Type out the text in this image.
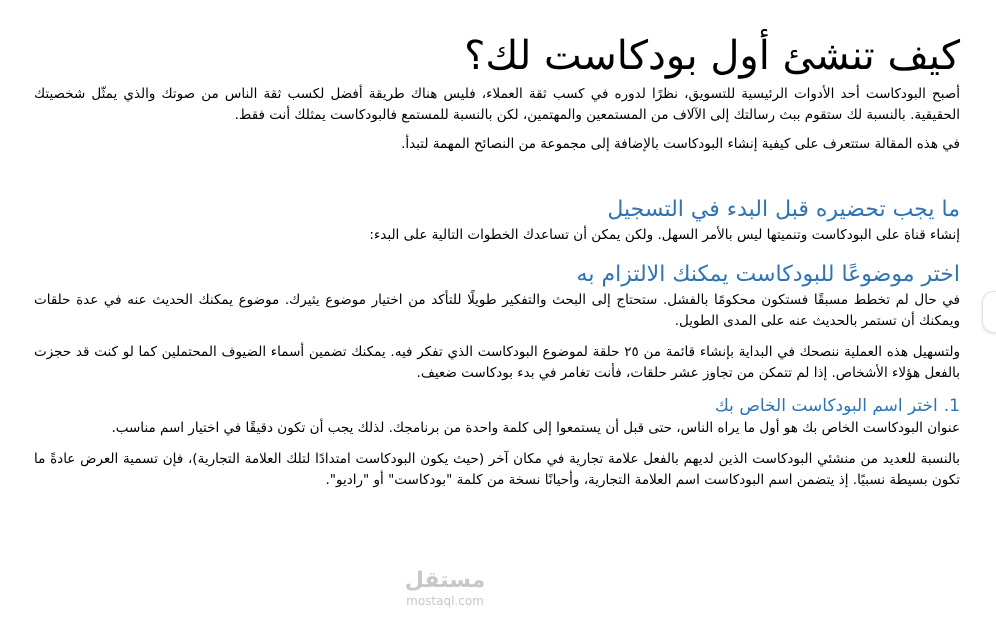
كيف تنشئ أول بودكاست لك؟

أصبح البودكاست أحد الأدوات الرئيسية للتسويق، نظرًا لدوره في كسب ثقة العملاء، فليس هناك طريقة أفضل لكسب ثقة الناس من صوتك والذي يمثّل شخصيتك الحقيقية. بالنسبة لك ستقوم ببث رسالتك إلى الآلاف من المستمعين والمهتمين، لكن بالنسبة للمستمع فالبودكاست يمثلك أنت فقط.

في هذه المقالة ستتعرف على كيفية إنشاء البودكاست بالإضافة إلى مجموعة من النصائح المهمة لتبدأ.

ما يجب تحضيره قبل البدء في التسجيل

إنشاء قناة على البودكاست وتنميتها ليس بالأمر السهل. ولكن يمكن أن تساعدك الخطوات التالية على البدء:

اختر موضوعًا للبودكاست يمكنك الالتزام به

في حال لم تخطط مسبقًا فستكون محكومًا بالفشل. ستحتاج إلى البحث والتفكير طويلًا للتأكد من اختيار موضوع يثيرك. موضوع يمكنك الحديث عنه في عدة حلقات ويمكنك أن تستمر بالحديث عنه على المدى الطويل.

ولتسهيل هذه العملية ننصحك في البداية بإنشاء قائمة من ٢٥ حلقة لموضوع البودكاست الذي تفكر فيه. يمكنك تضمين أسماء الضيوف المحتملين كما لو كنت قد حجزت بالفعل هؤلاء الأشخاص. إذا لم تتمكن من تجاوز عشر حلقات، فأنت تغامر في بدء بودكاست ضعيف.

1.اختر اسم البودكاست الخاص بك

عنوان البودكاست الخاص بك هو أول ما يراه الناس، حتى قبل أن يستمعوا إلى كلمة واحدة من برنامجك. لذلك يجب أن تكون دقيقًا في اختيار اسم مناسب.

بالنسبة للعديد من منشئي البودكاست الذين لديهم بالفعل علامة تجارية في مكان آخر (حيث يكون البودكاست امتدادًا لتلك العلامة التجارية)، فإن تسمية العرض عادةً ما تكون بسيطة نسبيًا. إذ يتضمن اسم البودكاست اسم العلامة التجارية، وأحيانًا نسخة من كلمة "بودكاست" أو "راديو".

مستقل
mostaql.com
